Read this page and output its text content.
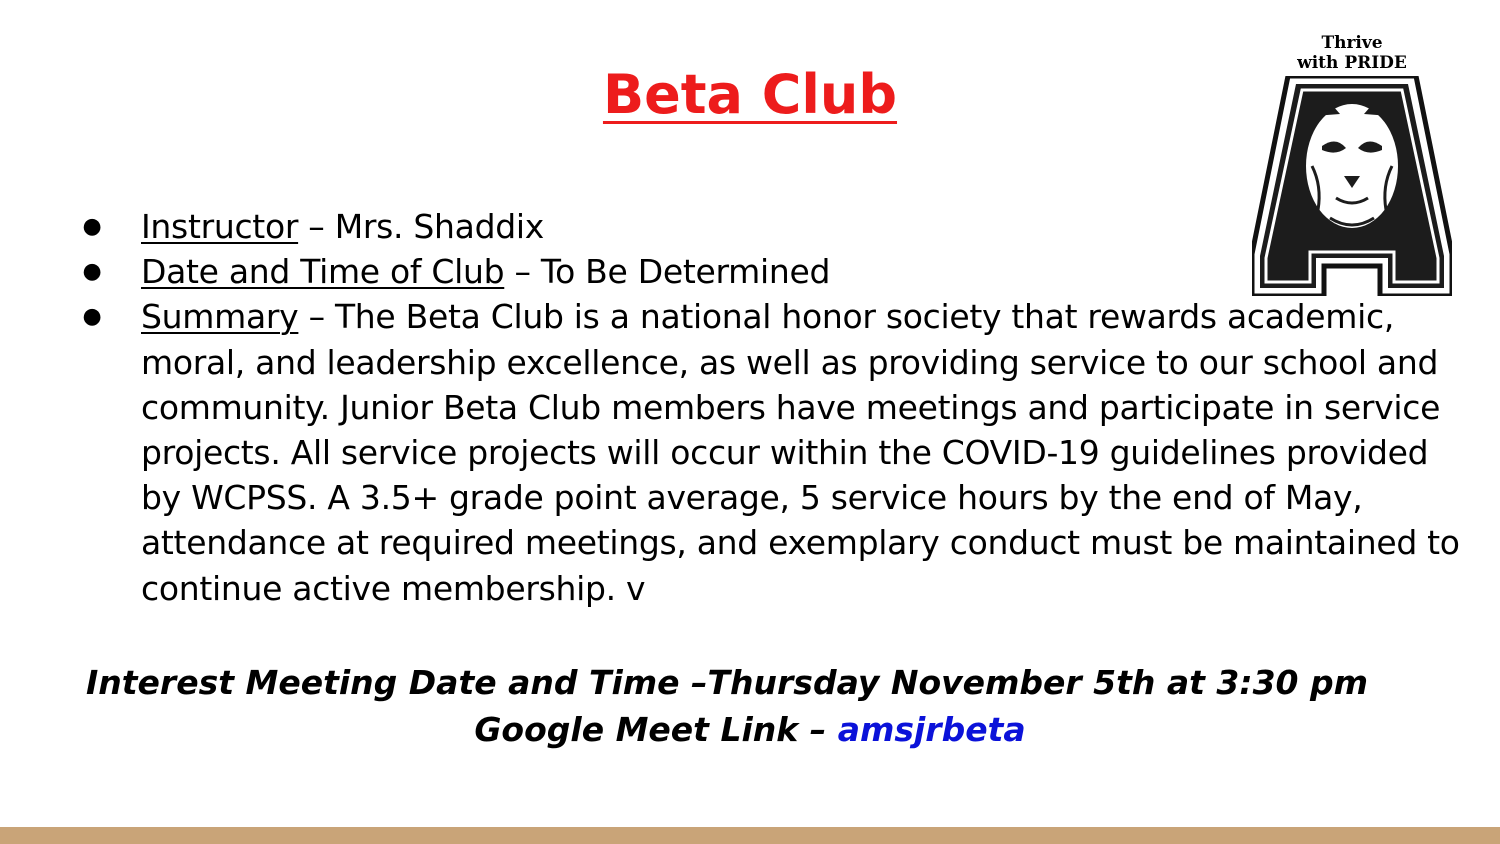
Beta Club
Thrive
with PRIDE
● Instructor – Mrs. Shaddix
● Date and Time of Club – To Be Determined
● Summary – The Beta Club is a national honor society that rewards academic, moral, and leadership excellence, as well as providing service to our school and community. Junior Beta Club members have meetings and participate in service projects. All service projects will occur within the COVID-19 guidelines provided by WCPSS. A 3.5+ grade point average, 5 service hours by the end of May, attendance at required meetings, and exemplary conduct must be maintained to continue active membership. v
Interest Meeting Date and Time –Thursday November 5th at 3:30 pm
Google Meet Link – amsjrbeta
